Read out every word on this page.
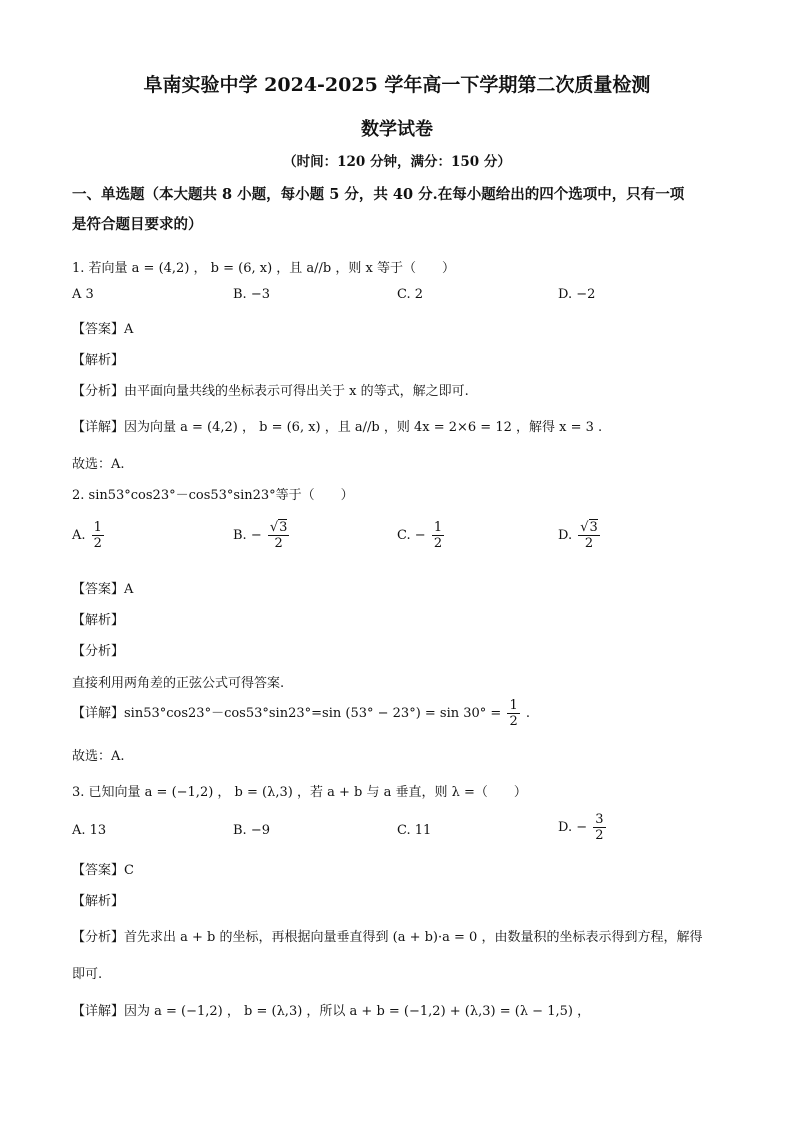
阜南实验中学 2024-2025 学年高一下学期第二次质量检测
数学试卷
（时间：120 分钟，满分：150 分）
一、单选题（本大题共 8 小题，每小题 5 分，共 40 分.在每小题给出的四个选项中，只有一项
是符合题目要求的）
1. 若向量 a = (4,2) ， b = (6, x) ，且 a//b ，则 x 等于（　　）
A 3	B. −3	C. 2	D. −2
【答案】A
【解析】
【分析】由平面向量共线的坐标表示可得出关于 x 的等式，解之即可.
【详解】因为向量 a = (4,2) ， b = (6, x) ，且 a//b ，则 4x = 2×6 = 12 ，解得 x = 3 .
故选：A.
2. sin53°cos23°－cos53°sin23°等于（　　）
A. $\frac{1}{2}$	B. − $\frac{√3}{2}$	C. − $\frac{1}{2}$	D. $\frac{√3}{2}$
【答案】A
【解析】
【分析】
直接利用两角差的正弦公式可得答案.
【详解】sin53°cos23°－cos53°sin23°=sin $(53^\circ - 23^\circ) = \sin 30^\circ = \frac{1}{2}$ .
故选：A.
3. 已知向量 a = (−1,2) ， b = (λ,3) ，若 a + b 与 a 垂直，则 λ =（　　）
A. 13	B. −9	C. 11	D. − $\frac{3}{2}$
【答案】C
【解析】
【分析】首先求出 a + b 的坐标，再根据向量垂直得到 (a + b)·a = 0 ，由数量积的坐标表示得到方程，解得
即可.
【详解】因为 a = (−1,2) ， b = (λ,3) ，所以 a + b = (−1,2) + (λ,3) = (λ − 1,5) ，
